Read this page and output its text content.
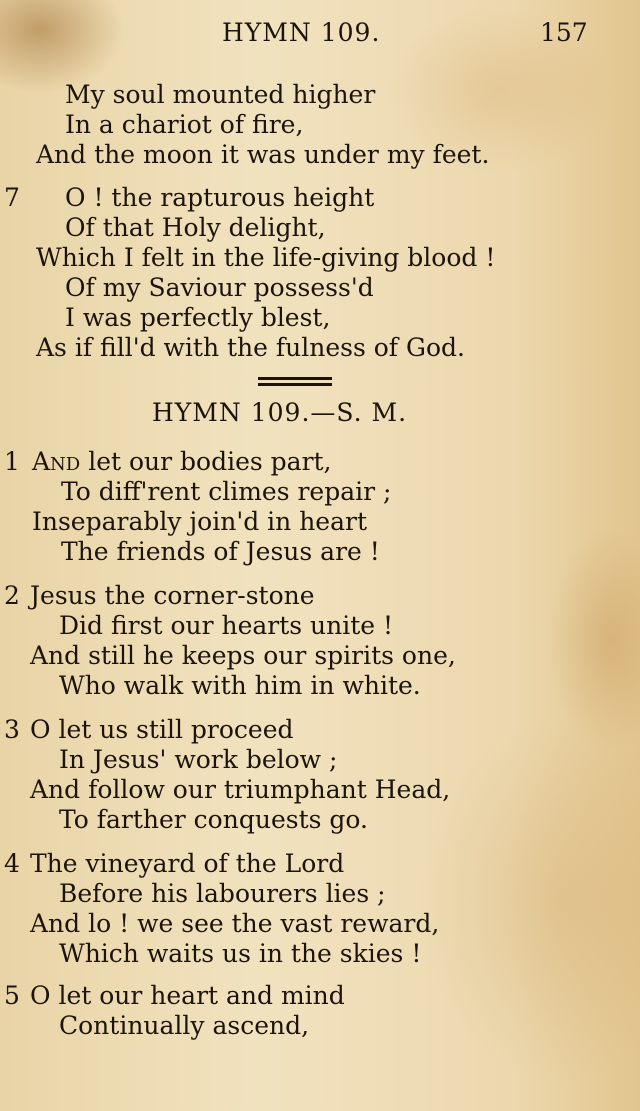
HYMN 109.	157
My soul mounted higher
In a chariot of fire,
And the moon it was under my feet.
7 O ! the rapturous height
Of that Holy delight,
Which I felt in the life-giving blood !
Of my Saviour possess'd
I was perfectly blest,
As if fill'd with the fulness of God.
HYMN 109.—S. M.
1 And let our bodies part,
To diff'rent climes repair ;
Inseparably join'd in heart
The friends of Jesus are !
2 Jesus the corner-stone
Did first our hearts unite !
And still he keeps our spirits one,
Who walk with him in white.
3 O let us still proceed
In Jesus' work below ;
And follow our triumphant Head,
To farther conquests go.
4 The vineyard of the Lord
Before his labourers lies ;
And lo ! we see the vast reward,
Which waits us in the skies !
5 O let our heart and mind
Continually ascend,
